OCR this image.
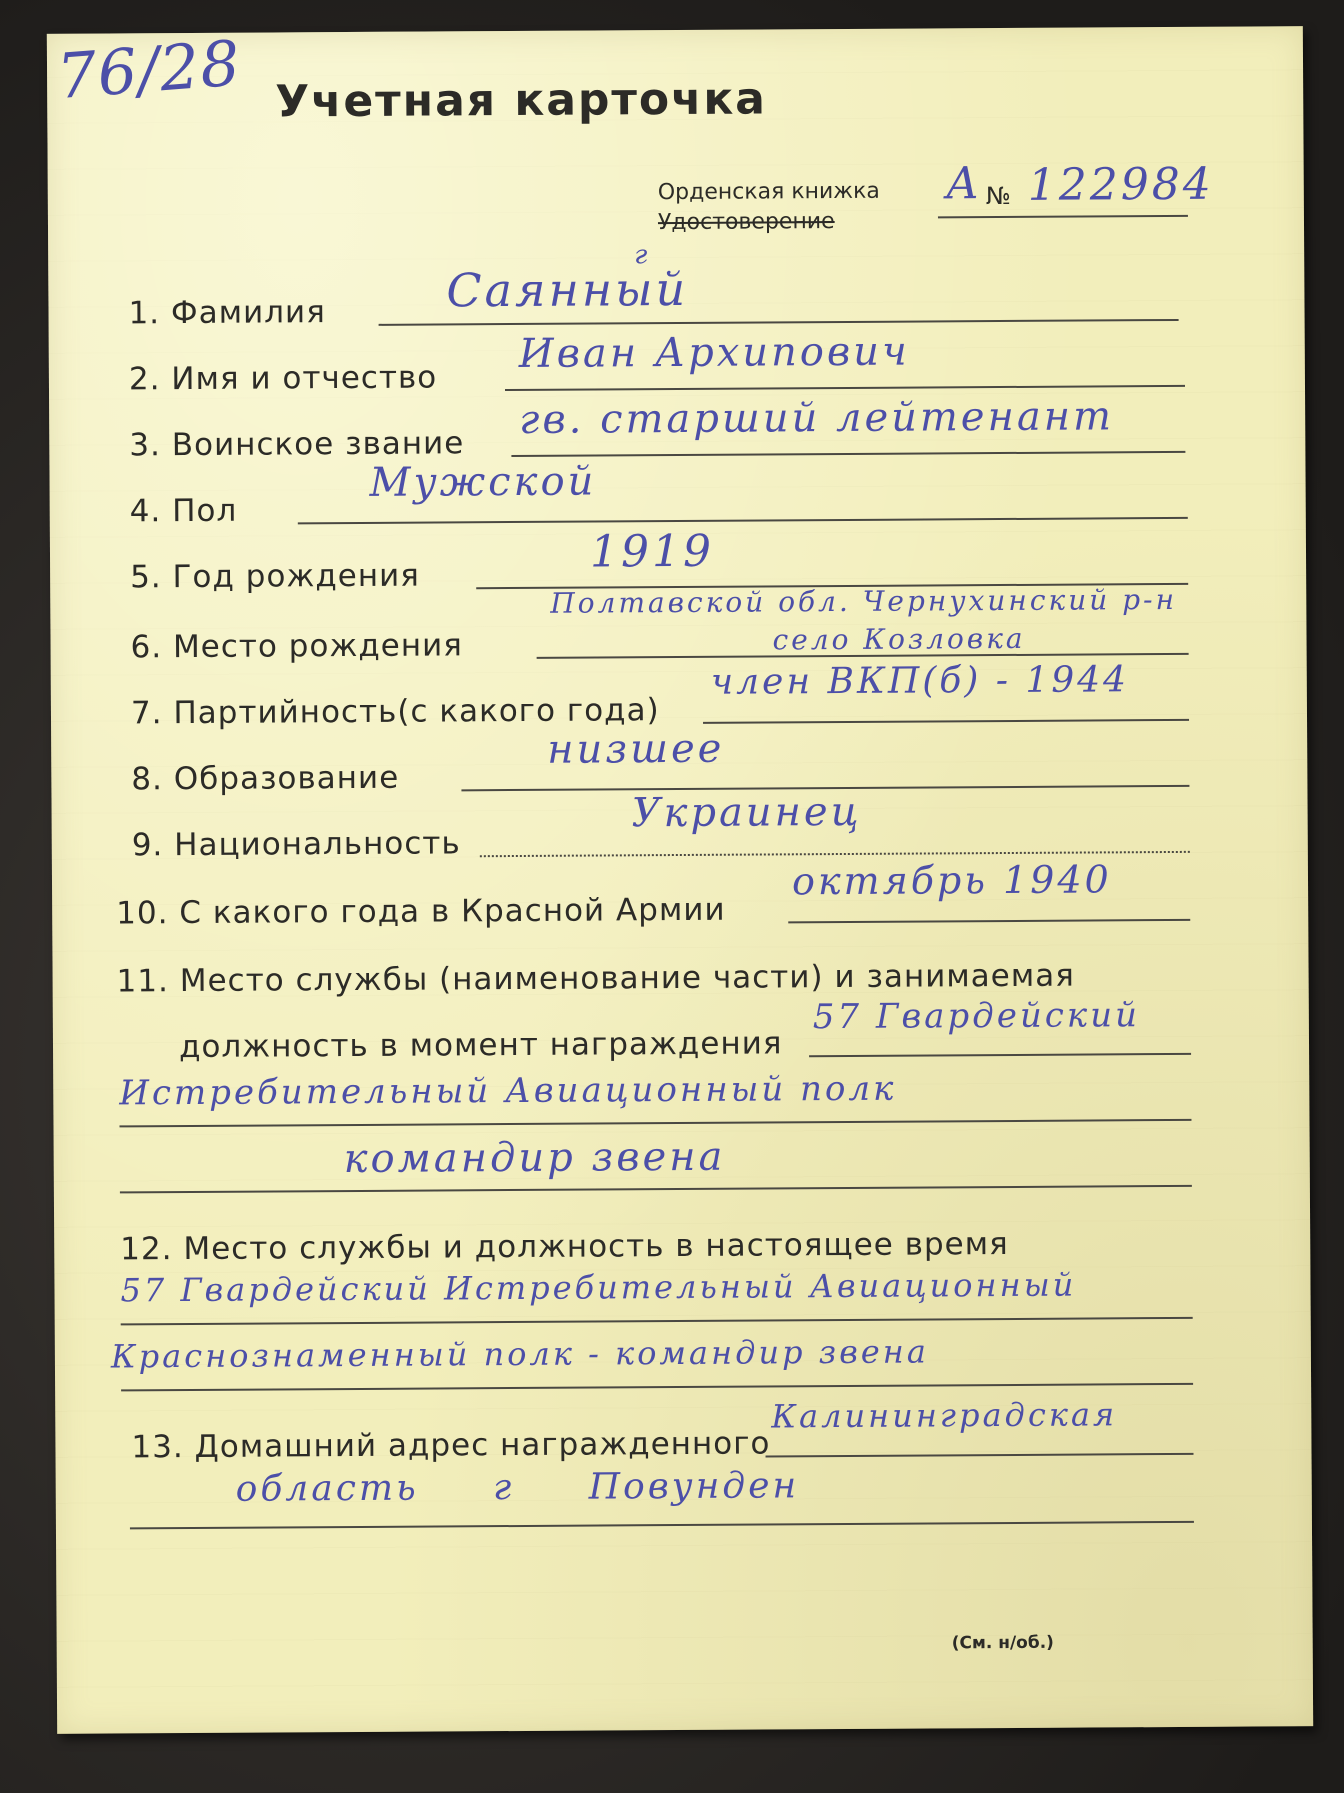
76/28 Учетная карточка
Орденская книжка
Удостоверение
А № 122984
1. Фамилия
г
Саянный
2. Имя и отчество
Иван Архипович
3. Воинское звание
гв. старший лейтенант
4. Пол
Мужской
5. Год рождения	1919
Полтавской обл. Чернухинский р-н
село Козловка
6. Место рождения
7. Партийность(с какого года)
член ВКП(б) - 1944
8. Образование
низшее
9. Национальность
Украинец
10. С какого года в Красной Армии
октябрь 1940
11. Место службы (наименование части) и занимаемая
должность в момент награждения
57 Гвардейский
Истребительный Авиационный полк
командир звена
12. Место службы и должность в настоящее время
57 Гвардейский Истребительный Авиационный
Краснознаменный полк - командир звена
13. Домашний адрес награжденного
Калининградская
область г Повунден
(См. н/об.)
